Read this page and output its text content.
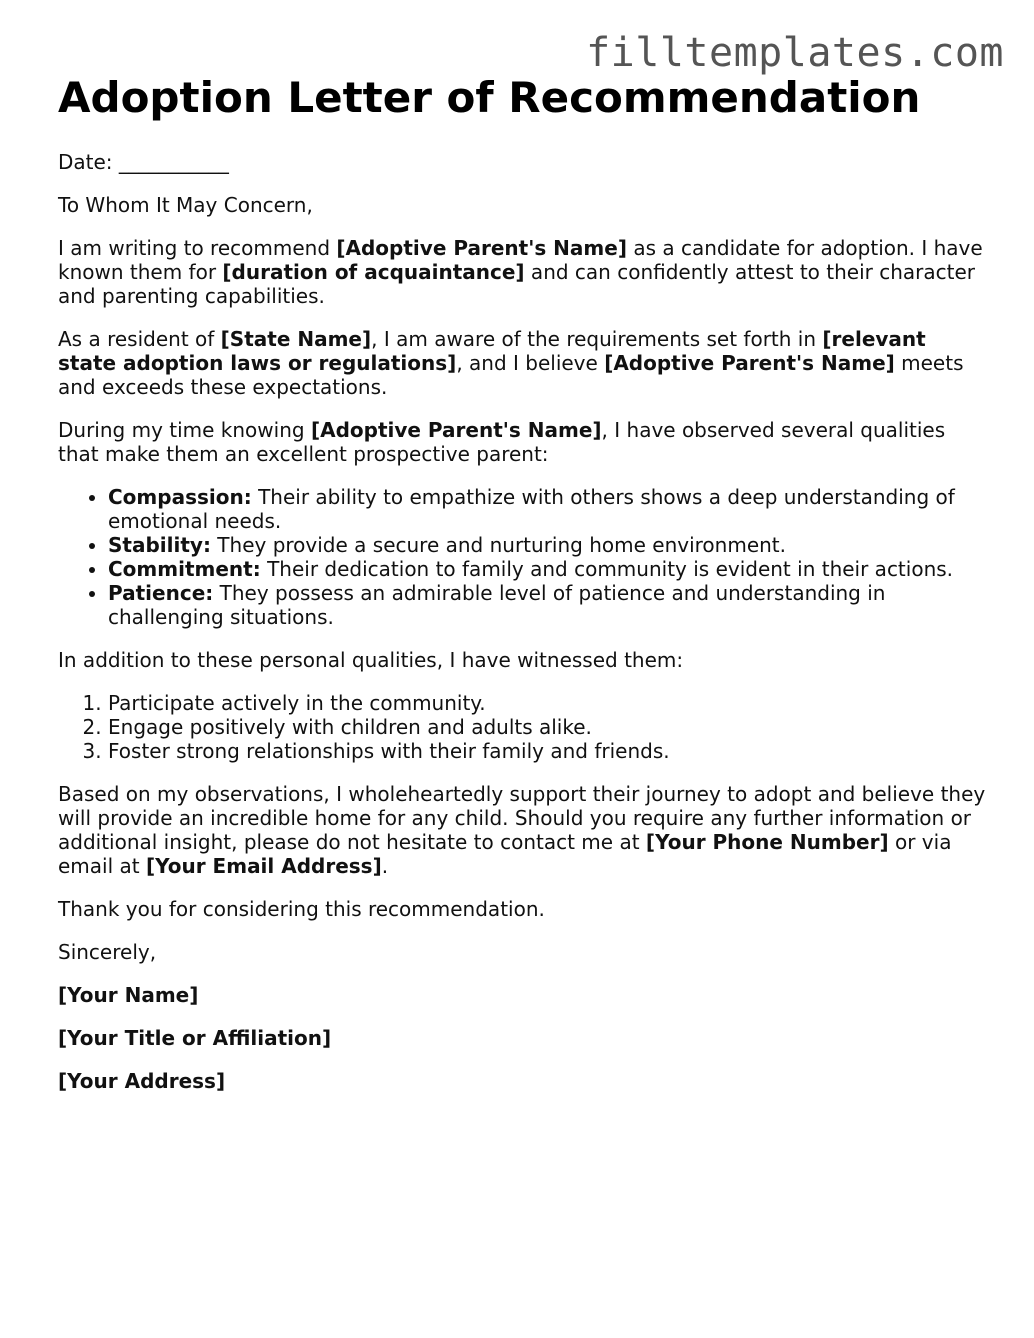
filltemplates.com
Adoption Letter of Recommendation

Date: ___________

To Whom It May Concern,

I am writing to recommend [Adoptive Parent's Name] as a candidate for adoption. I have known them for [duration of acquaintance] and can confidently attest to their character and parenting capabilities.

As a resident of [State Name], I am aware of the requirements set forth in [relevant state adoption laws or regulations], and I believe [Adoptive Parent's Name] meets and exceeds these expectations.

During my time knowing [Adoptive Parent's Name], I have observed several qualities that make them an excellent prospective parent:

• Compassion: Their ability to empathize with others shows a deep understanding of emotional needs.
• Stability: They provide a secure and nurturing home environment.
• Commitment: Their dedication to family and community is evident in their actions.
• Patience: They possess an admirable level of patience and understanding in challenging situations.

In addition to these personal qualities, I have witnessed them:

1. Participate actively in the community.
2. Engage positively with children and adults alike.
3. Foster strong relationships with their family and friends.

Based on my observations, I wholeheartedly support their journey to adopt and believe they will provide an incredible home for any child. Should you require any further information or additional insight, please do not hesitate to contact me at [Your Phone Number] or via email at [Your Email Address].

Thank you for considering this recommendation.

Sincerely,

[Your Name]

[Your Title or Affiliation]

[Your Address]
